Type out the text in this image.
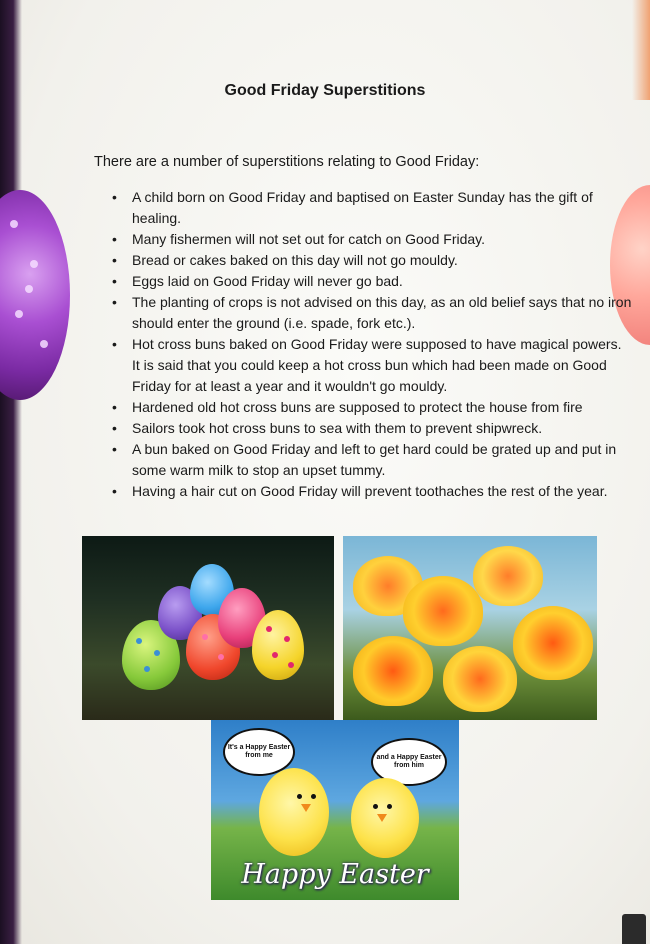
Good Friday Superstitions
There are a number of superstitions relating to Good Friday:
• A child born on Good Friday and baptised on Easter Sunday has the gift of healing.
• Many fishermen will not set out for catch on Good Friday.
• Bread or cakes baked on this day will not go mouldy.
• Eggs laid on Good Friday will never go bad.
• The planting of crops is not advised on this day, as an old belief says that no iron should enter the ground (i.e. spade, fork etc.).
• Hot cross buns baked on Good Friday were supposed to have magical powers. It is said that you could keep a hot cross bun which had been made on Good Friday for at least a year and it wouldn't go mouldy.
• Hardened old hot cross buns are supposed to protect the house from fire
• Sailors took hot cross buns to sea with them to prevent shipwreck.
• A bun baked on Good Friday and left to get hard could be grated up and put in some warm milk to stop an upset tummy.
• Having a hair cut on Good Friday will prevent toothaches the rest of the year.
It's a Happy Easter from me	and a Happy Easter from him
Happy Easter
